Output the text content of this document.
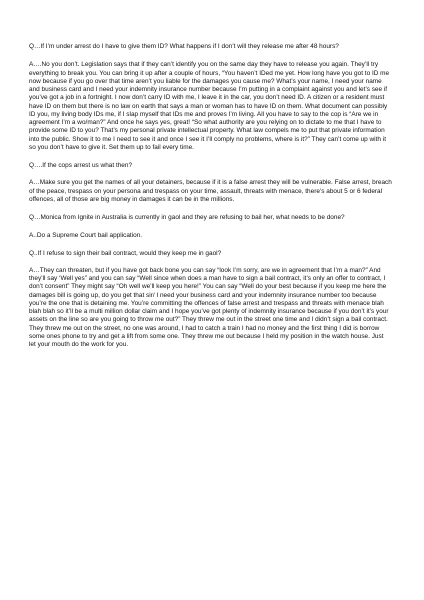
Q…If I’m under arrest do I have to give them ID? What happens if I don’t will they release me after 48 hours?

A….No you don’t. Legislation says that if they can’t identify you on the same day they have to release you again. They’ll try everything to break you. You can bring it up after a couple of hours, “You haven’t IDed me yet. How long have you got to ID me now because if you go over that time aren’t you liable for the damages you cause me? What’s your name, I need your name and business card and I need your indemnity insurance number because I’m putting in a complaint against you and let’s see if you’ve got a job in a fortnight. I now don’t carry ID with me, I leave it in the car, you don’t need ID. A citizen or a resident must have ID on them but there is no law on earth that says a man or woman has to have ID on them. What document can possibly ID you, my living body IDs me, if I slap myself that IDs me and proves I’m living. All you have to say to the cop is “Are we in agreement I’m a wo/man?” And once he says yes, great! “So what authority are you relying on to dictate to me that I have to provide some ID to you? That’s my personal private intellectual property. What law compels me to put that private information into the public. Show it to me I need to see it and once I see it I’ll comply no problems, where is it?” They can’t come up with it so you don’t have to give it. Set them up to fail every time.

Q….If the cops arrest us what then?

A…Make sure you get the names of all your detainers, because if it is a false arrest they will be vulnerable. False arrest, breach of the peace, trespass on your persona and trespass on your time, assault, threats with menace, there’s about 5 or 6 federal offences, all of those are big money in damages it can be in the millions.

Q…Monica from Ignite in Australia is currently in gaol and they are refusing to bail her, what needs to be done?

A..Do a Supreme Court bail application.

Q..If I refuse to sign their bail contract, would they keep me in gaol?

A…They can threaten, but if you have got back bone you can say “look I’m sorry, are we in agreement that I’m a man?” And they’ll say ‘Well yes” and you can say “Well since when does a man have to sign a bail contract, it’s only an offer to contract, I don’t consent” They might say “Oh well we’ll keep you here!” You can say “Well do your best because if you keep me here the damages bill is going up, do you get that sir/ I need your business card and your indemnity insurance number too because you’re the one that is detaining me. You’re committing the offences of false arrest and trespass and threats with menace blah blah blah so it’ll be a multi million dollar claim and I hope you’ve got plenty of indemnity insurance because if you don’t it’s your assets on the line so are you going to throw me out?” They threw me out in the street one time and I didn’t sign a bail contract. They threw me out on the street, no one was around, I had to catch a train I had no money and the first thing I did is borrow some ones phone to try and get a lift from some one. They threw me out because I held my position in the watch house. Just let your mouth do the work for you.
